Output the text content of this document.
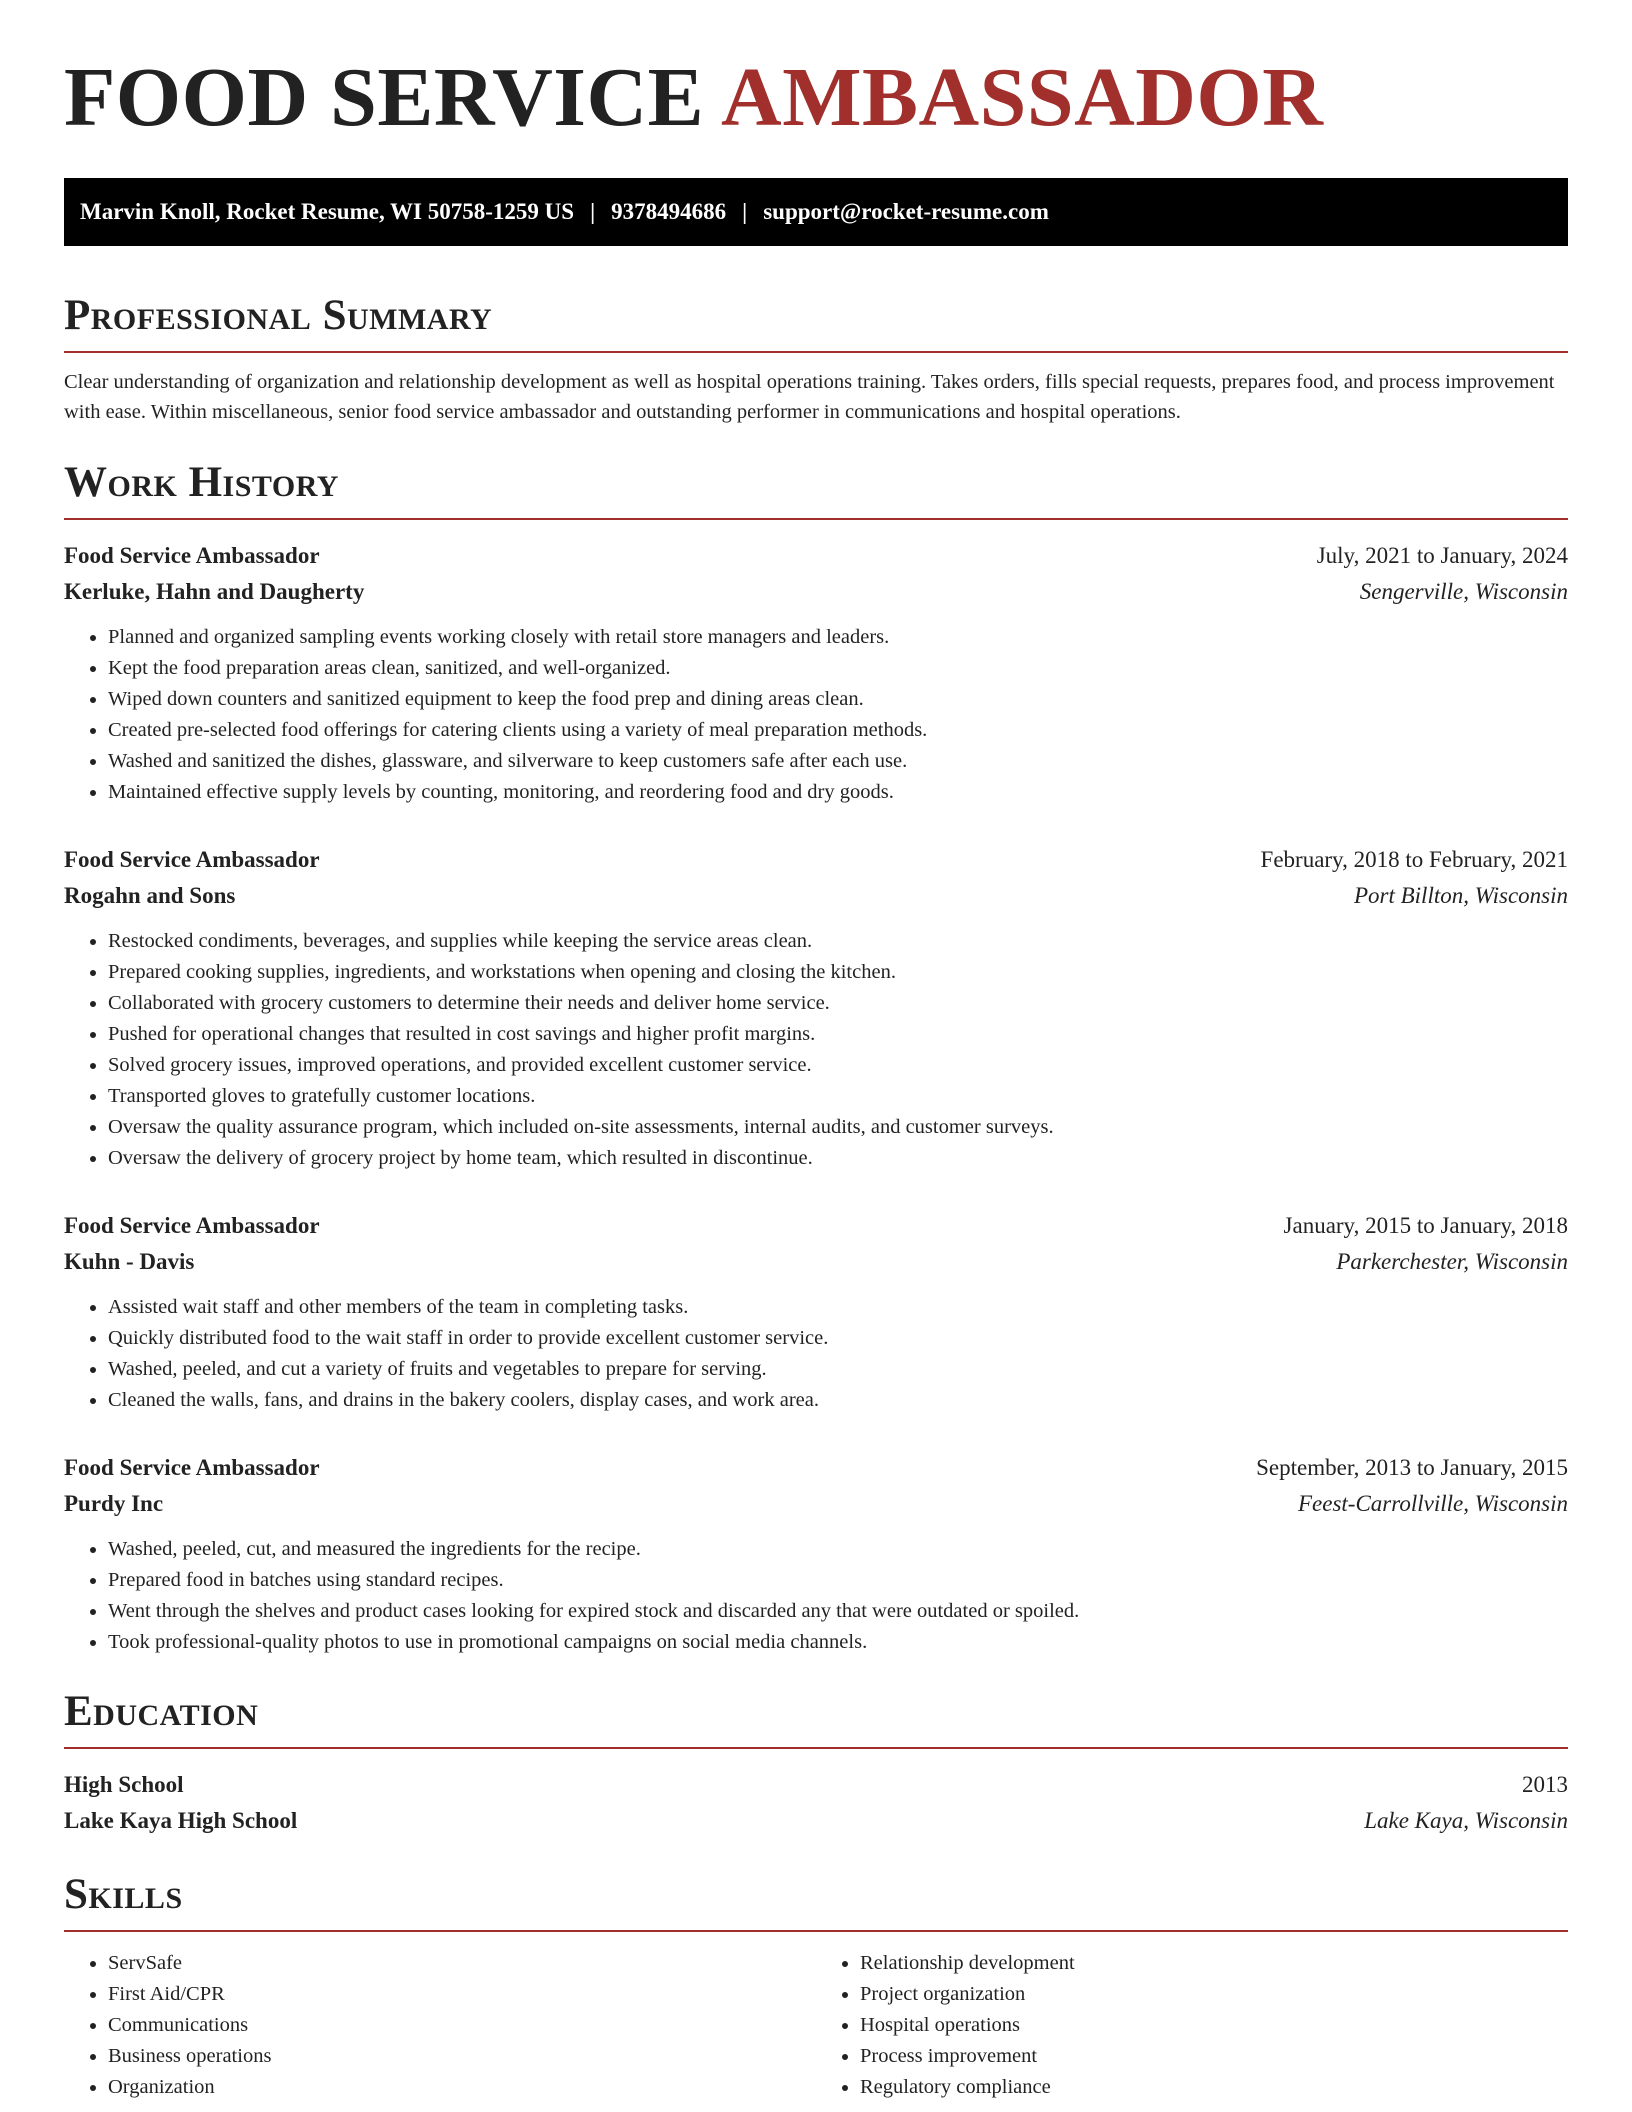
FOOD SERVICE AMBASSADOR
Marvin Knoll, Rocket Resume, WI 50758-1259 US | 9378494686 | support@rocket-resume.com
Professional Summary

Clear understanding of organization and relationship development as well as hospital operations training. Takes orders, fills special requests, prepares food, and process improvement with ease. Within miscellaneous, senior food service ambassador and outstanding performer in communications and hospital operations.

Work History
Food Service Ambassador	July, 2021 to January, 2024
Kerluke, Hahn and Daugherty	Sengerville, Wisconsin
• Planned and organized sampling events working closely with retail store managers and leaders.
• Kept the food preparation areas clean, sanitized, and well-organized.
• Wiped down counters and sanitized equipment to keep the food prep and dining areas clean.
• Created pre-selected food offerings for catering clients using a variety of meal preparation methods.
• Washed and sanitized the dishes, glassware, and silverware to keep customers safe after each use.
• Maintained effective supply levels by counting, monitoring, and reordering food and dry goods.
Food Service Ambassador	February, 2018 to February, 2021
Rogahn and Sons	Port Billton, Wisconsin
• Restocked condiments, beverages, and supplies while keeping the service areas clean.
• Prepared cooking supplies, ingredients, and workstations when opening and closing the kitchen.
• Collaborated with grocery customers to determine their needs and deliver home service.
• Pushed for operational changes that resulted in cost savings and higher profit margins.
• Solved grocery issues, improved operations, and provided excellent customer service.
• Transported gloves to gratefully customer locations.
• Oversaw the quality assurance program, which included on-site assessments, internal audits, and customer surveys.
• Oversaw the delivery of grocery project by home team, which resulted in discontinue.
Food Service Ambassador	January, 2015 to January, 2018
Kuhn - Davis	Parkerchester, Wisconsin
• Assisted wait staff and other members of the team in completing tasks.
• Quickly distributed food to the wait staff in order to provide excellent customer service.
• Washed, peeled, and cut a variety of fruits and vegetables to prepare for serving.
• Cleaned the walls, fans, and drains in the bakery coolers, display cases, and work area.
Food Service Ambassador	September, 2013 to January, 2015
Purdy Inc	Feest-Carrollville, Wisconsin
• Washed, peeled, cut, and measured the ingredients for the recipe.
• Prepared food in batches using standard recipes.
• Went through the shelves and product cases looking for expired stock and discarded any that were outdated or spoiled.
• Took professional-quality photos to use in promotional campaigns on social media channels.
Education
High School	2013
Lake Kaya High School	Lake Kaya, Wisconsin
Skills
• ServSafe
• First Aid/CPR
• Communications
• Business operations
• Organization
• Relationship development
• Project organization
• Hospital operations
• Process improvement
• Regulatory compliance
